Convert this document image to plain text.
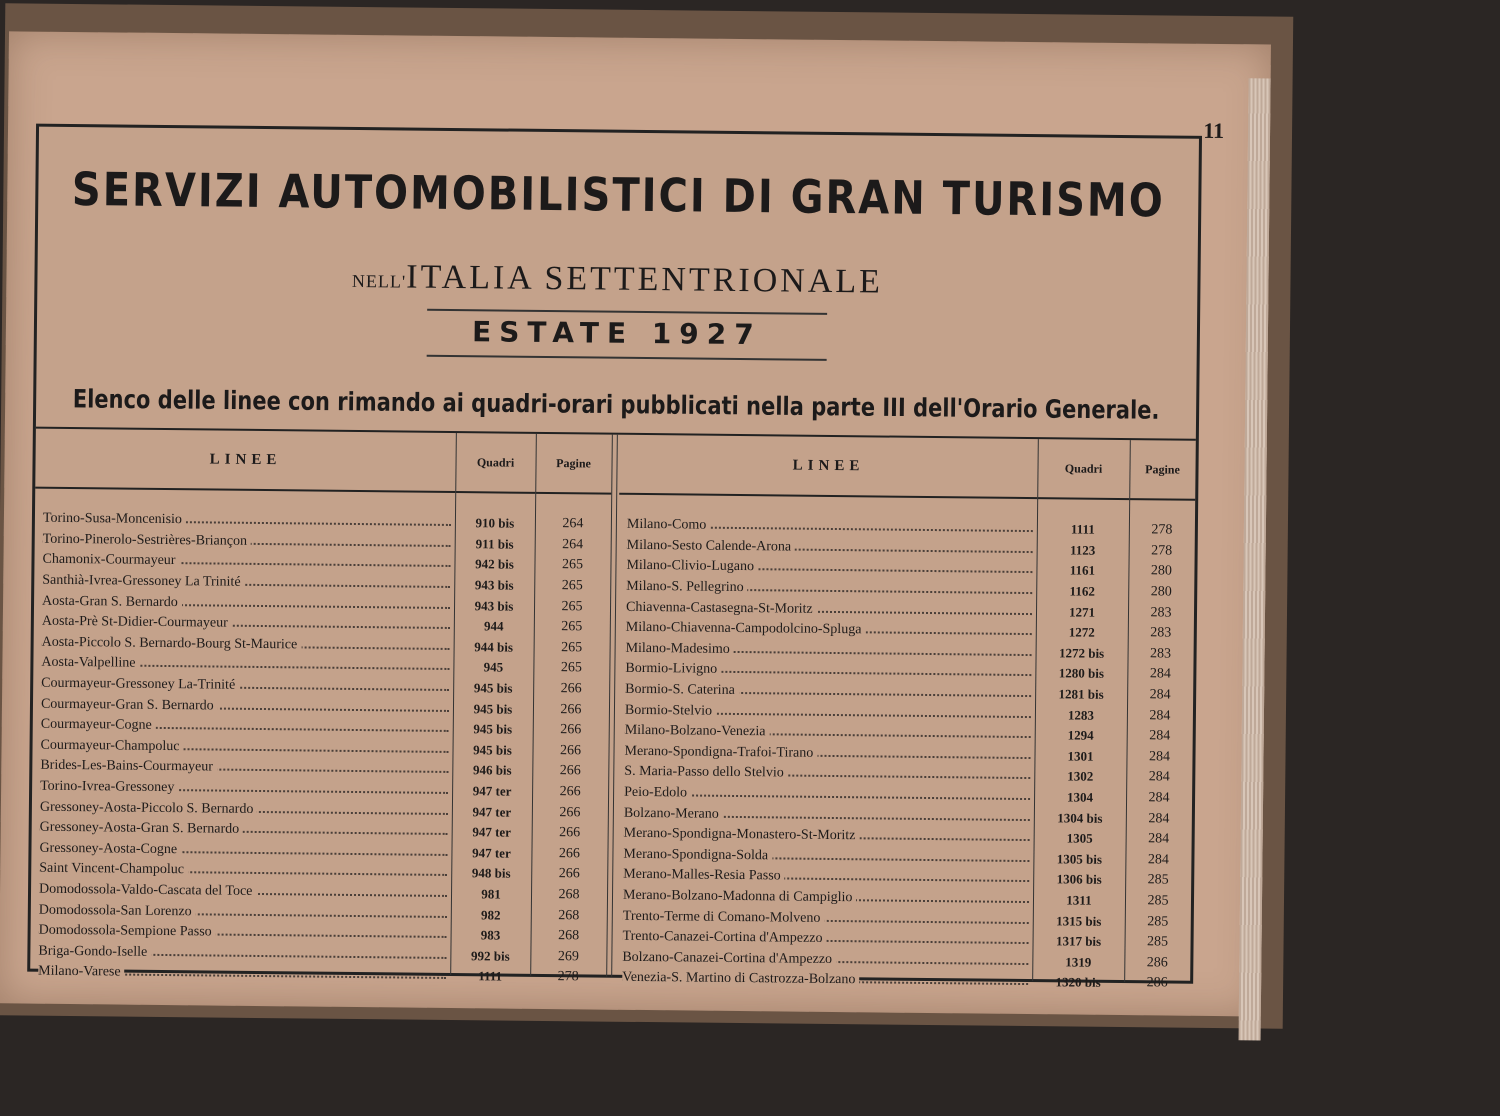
11
SERVIZI AUTOMOBILISTICI DI GRAN TURISMO
NELL'ITALIA SETTENTRIONALE
ESTATE 1927
Elenco delle linee con rimando ai quadri-orari pubblicati nella parte III dell'Orario Generale.
LINEE	Quadri	Pagine	LINEE	Quadri	Pagine
Torino-Susa-Moncenisio	910 bis	264
Torino-Pinerolo-Sestrières-Briançon	911 bis	264
Chamonix-Courmayeur	942 bis	265
Santhià-Ivrea-Gressoney La Trinité	943 bis	265
Aosta-Gran S. Bernardo	943 bis	265
Aosta-Prè St-Didier-Courmayeur	944	265
Aosta-Piccolo S. Bernardo-Bourg St-Maurice	944 bis	265
Aosta-Valpelline	945	265
Courmayeur-Gressoney La-Trinité	945 bis	266
Courmayeur-Gran S. Bernardo	945 bis	266
Courmayeur-Cogne	945 bis	266
Courmayeur-Champoluc	945 bis	266
Brides-Les-Bains-Courmayeur	946 bis	266
Torino-Ivrea-Gressoney	947 ter	266
Gressoney-Aosta-Piccolo S. Bernardo	947 ter	266
Gressoney-Aosta-Gran S. Bernardo	947 ter	266
Gressoney-Aosta-Cogne	947 ter	266
Saint Vincent-Champoluc	948 bis	266
Domodossola-Valdo-Cascata del Toce	981	268
Domodossola-San Lorenzo	982	268
Domodossola-Sempione Passo	983	268
Briga-Gondo-Iselle	992 bis	269
Milano-Varese	1111	278
Milano-Como	1111	278
Milano-Sesto Calende-Arona	1123	278
Milano-Clivio-Lugano	1161	280
Milano-S. Pellegrino	1162	280
Chiavenna-Castasegna-St-Moritz	1271	283
Milano-Chiavenna-Campodolcino-Spluga	1272	283
Milano-Madesimo	1272 bis	283
Bormio-Livigno	1280 bis	284
Bormio-S. Caterina	1281 bis	284
Bormio-Stelvio	1283	284
Milano-Bolzano-Venezia	1294	284
Merano-Spondigna-Trafoi-Tirano	1301	284
S. Maria-Passo dello Stelvio	1302	284
Peio-Edolo	1304	284
Bolzano-Merano	1304 bis	284
Merano-Spondigna-Monastero-St-Moritz	1305	284
Merano-Spondigna-Solda	1305 bis	284
Merano-Malles-Resia Passo	1306 bis	285
Merano-Bolzano-Madonna di Campiglio	1311	285
Trento-Terme di Comano-Molveno	1315 bis	285
Trento-Canazei-Cortina d'Ampezzo	1317 bis	285
Bolzano-Canazei-Cortina d'Ampezzo	1319	286
Venezia-S. Martino di Castrozza-Bolzano	1320 bis	286
